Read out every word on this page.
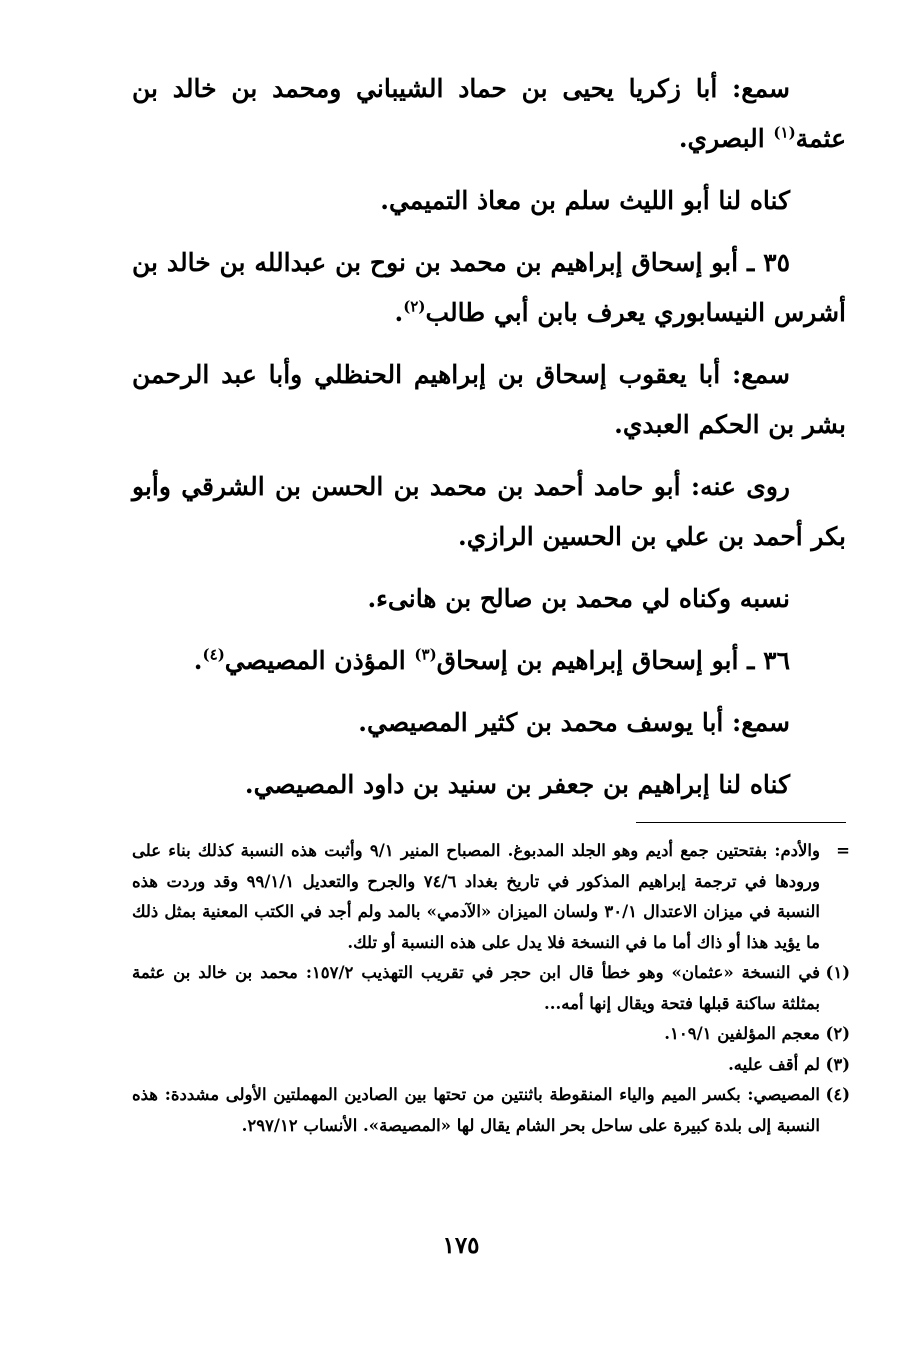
سمع: أبا زكريا يحيى بن حماد الشيباني ومحمد بن خالد بن عثمة$^{(١)}$ البصري.

كناه لنا أبو الليث سلم بن معاذ التميمي.

٣٥ ـ أبو إسحاق إبراهيم بن محمد بن نوح بن عبدالله بن خالد بن أشرس النيسابوري يعرف بابن أبي طالب$^{(٢)}$.

سمع: أبا يعقوب إسحاق بن إبراهيم الحنظلي وأبا عبد الرحمن بشر بن الحكم العبدي.

روى عنه: أبو حامد أحمد بن محمد بن الحسن بن الشرقي وأبو بكر أحمد بن علي بن الحسين الرازي.

نسبه وكناه لي محمد بن صالح بن هانىء.

٣٦ ـ أبو إسحاق إبراهيم بن إسحاق$^{(٣)}$ المؤذن المصيصي$^{(٤)}$.

سمع: أبا يوسف محمد بن كثير المصيصي.

كناه لنا إبراهيم بن جعفر بن سنيد بن داود المصيصي.

=
والأدم: بفتحتين جمع أديم وهو الجلد المدبوغ. المصباح المنير ٩/١ وأثبت هذه النسبة كذلك بناء على ورودها في ترجمة إبراهيم المذكور في تاريخ بغداد ٧٤/٦ والجرح والتعديل ٩٩/١/١ وقد وردت هذه النسبة في ميزان الاعتدال ٣٠/١ ولسان الميزان «الآدمي» بالمد ولم أجد في الكتب المعنية بمثل ذلك ما يؤيد هذا أو ذاك أما ما في النسخة فلا يدل على هذه النسبة أو تلك.
(١)
في النسخة «عثمان» وهو خطأ قال ابن حجر في تقريب التهذيب ١٥٧/٢: محمد بن خالد بن عثمة بمثلثة ساكنة قبلها فتحة ويقال إنها أمه...
(٢)
معجم المؤلفين ١٠٩/١.
(٣)
لم أقف عليه.
(٤)
المصيصي: بكسر الميم والياء المنقوطة باثنتين من تحتها بين الصادين المهملتين الأولى مشددة: هذه النسبة إلى بلدة كبيرة على ساحل بحر الشام يقال لها «المصيصة». الأنساب ٢٩٧/١٢.
١٧٥
